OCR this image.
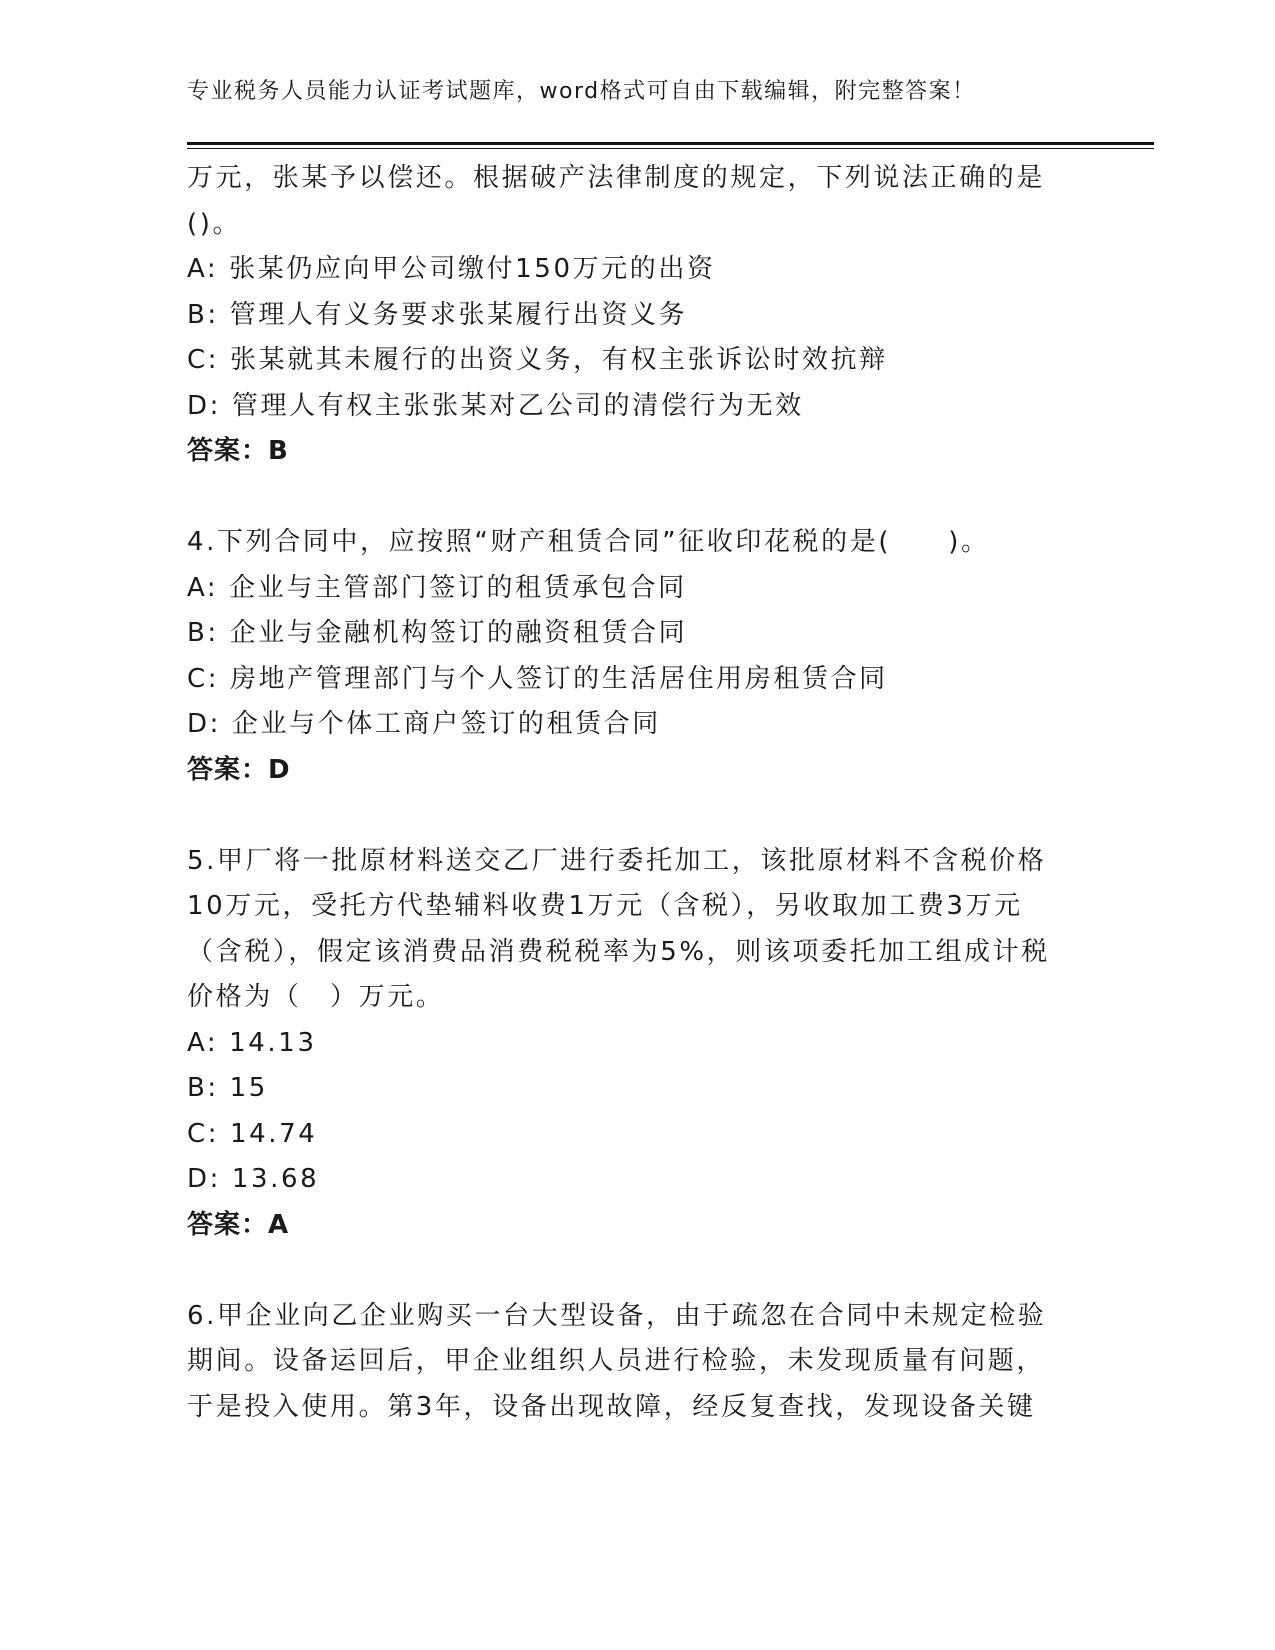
专业税务人员能力认证考试题库，word格式可自由下载编辑，附完整答案！
万元，张某予以偿还。根据破产法律制度的规定，下列说法正确的是
()。
A: 张某仍应向甲公司缴付150万元的出资
B: 管理人有义务要求张某履行出资义务
C: 张某就其未履行的出资义务，有权主张诉讼时效抗辩
D: 管理人有权主张张某对乙公司的清偿行为无效
答案：B
4.下列合同中，应按照“财产租赁合同”征收印花税的是(　　)。
A: 企业与主管部门签订的租赁承包合同
B: 企业与金融机构签订的融资租赁合同
C: 房地产管理部门与个人签订的生活居住用房租赁合同
D: 企业与个体工商户签订的租赁合同
答案：D
5.甲厂将一批原材料送交乙厂进行委托加工，该批原材料不含税价格
10万元，受托方代垫辅料收费1万元（含税），另收取加工费3万元
（含税），假定该消费品消费税税率为5%，则该项委托加工组成计税
价格为（　）万元。
A: 14.13
B: 15
C: 14.74
D: 13.68
答案：A
6.甲企业向乙企业购买一台大型设备，由于疏忽在合同中未规定检验
期间。设备运回后，甲企业组织人员进行检验，未发现质量有问题，
于是投入使用。第3年，设备出现故障，经反复查找，发现设备关键
